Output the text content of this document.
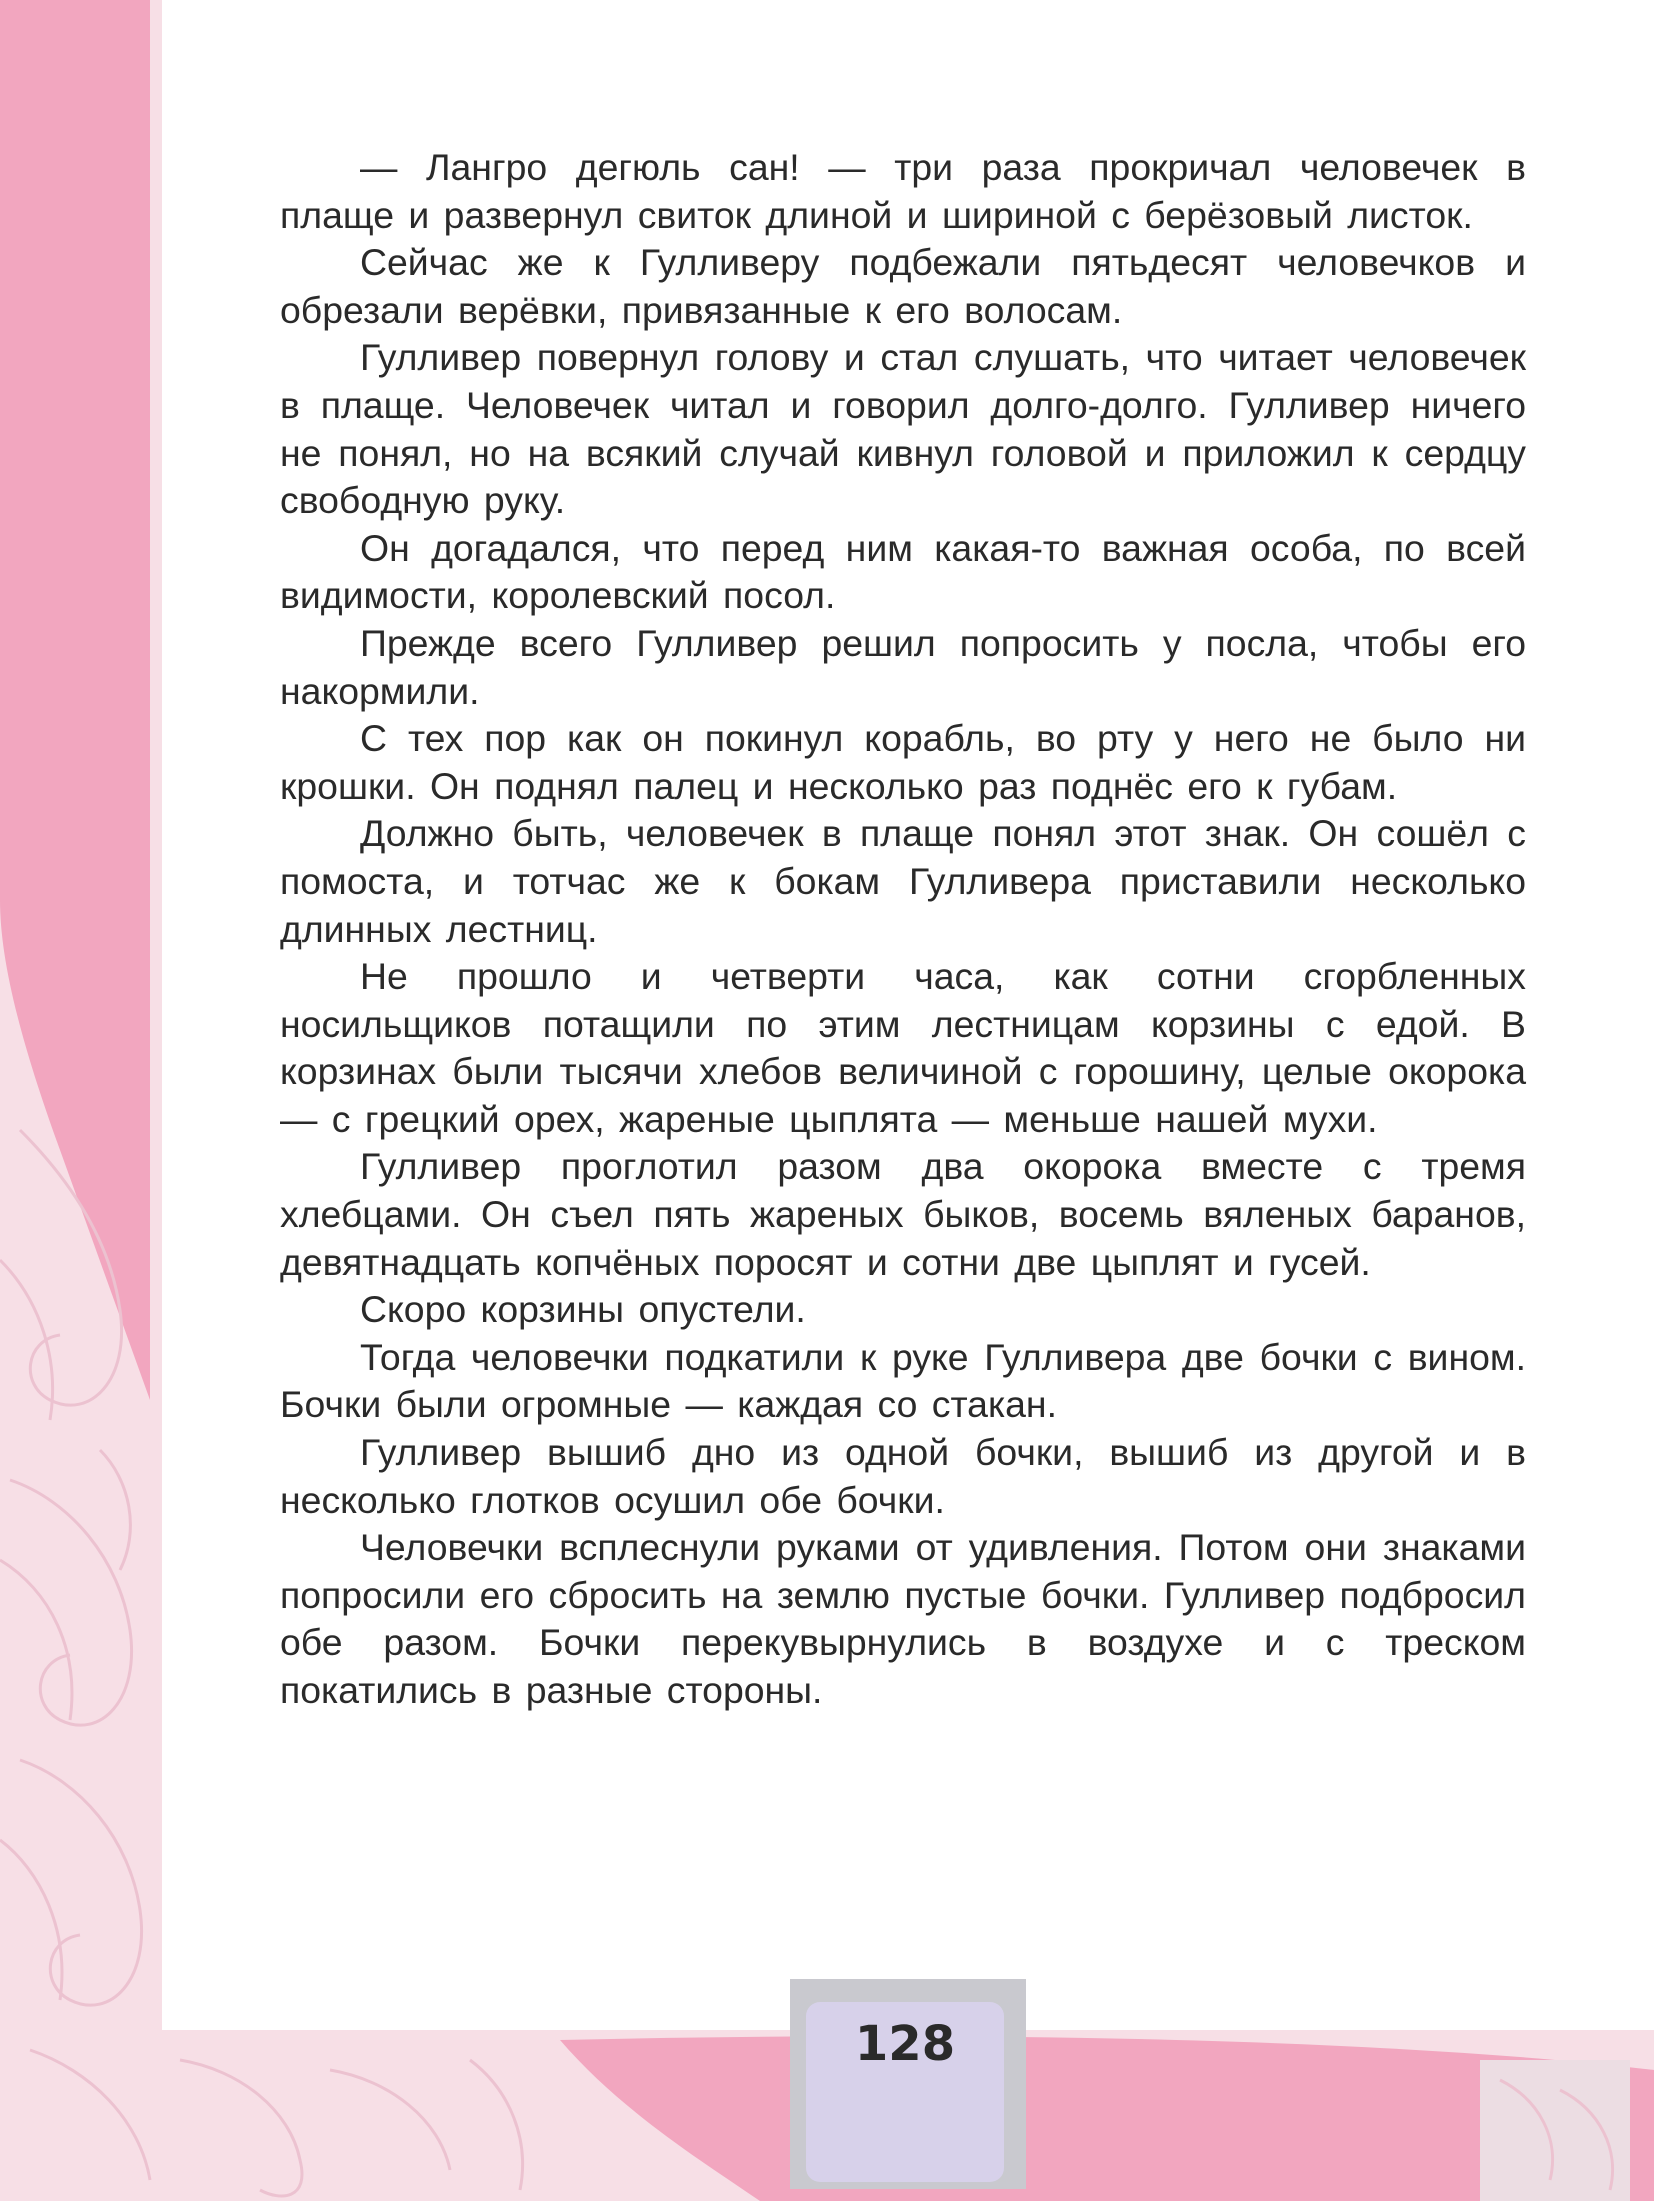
— Лангро дегюль сан! — три раза прокричал человечек в плаще и развернул свиток длиной и шириной с берёзовый листок.

Сейчас же к Гулливеру подбежали пятьдесят человечков и обрезали верёвки, привязанные к его волосам.

Гулливер повернул голову и стал слушать, что читает человечек в плаще. Человечек читал и говорил долго-долго. Гулливер ничего не понял, но на всякий случай кивнул головой и приложил к сердцу свободную руку.

Он догадался, что перед ним какая-то важная особа, по всей видимости, королевский посол.

Прежде всего Гулливер решил попросить у посла, чтобы его накормили.

С тех пор как он покинул корабль, во рту у него не было ни крошки. Он поднял палец и несколько раз поднёс его к губам.

Должно быть, человечек в плаще понял этот знак. Он сошёл с помоста, и тотчас же к бокам Гулливера приставили несколько длинных лестниц.

Не прошло и четверти часа, как сотни сгорбленных носильщиков потащили по этим лестницам корзины с едой. В корзинах были тысячи хлебов величиной с горошину, целые окорока — с грецкий орех, жареные цыплята — меньше нашей мухи.

Гулливер проглотил разом два окорока вместе с тремя хлебцами. Он съел пять жареных быков, восемь вяленых баранов, девятнадцать копчёных поросят и сотни две цыплят и гусей.

Скоро корзины опустели.

Тогда человечки подкатили к руке Гулливера две бочки с вином. Бочки были огромные — каждая со стакан.

Гулливер вышиб дно из одной бочки, вышиб из другой и в несколько глотков осушил обе бочки.

Человечки всплеснули руками от удивления. Потом они знаками попросили его сбросить на землю пустые бочки. Гулливер подбросил обе разом. Бочки перекувырнулись в воздухе и с треском покатились в разные стороны.

128
